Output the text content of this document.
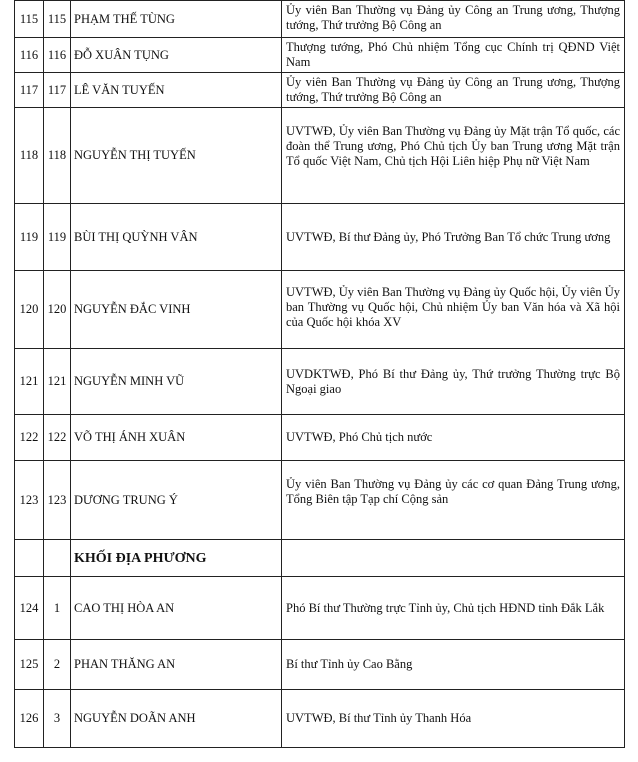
115	115	PHẠM THẾ TÙNG	Ủy viên Ban Thường vụ Đảng ủy Công an Trung ương, Thượng tướng, Thứ trưởng Bộ Công an
116	116	ĐỖ XUÂN TỤNG	Thượng tướng, Phó Chủ nhiệm Tổng cục Chính trị QĐND Việt Nam
117	117	LÊ VĂN TUYẾN	Ủy viên Ban Thường vụ Đảng ủy Công an Trung ương, Thượng tướng, Thứ trưởng Bộ Công an
118	118	NGUYỄN THỊ TUYẾN	UVTWĐ, Ủy viên Ban Thường vụ Đảng ủy Mặt trận Tổ quốc, các đoàn thể Trung ương, Phó Chủ tịch Ủy ban Trung ương Mặt trận Tổ quốc Việt Nam, Chủ tịch Hội Liên hiệp Phụ nữ Việt Nam
119	119	BÙI THỊ QUỲNH VÂN	UVTWĐ, Bí thư Đảng ủy, Phó Trưởng Ban Tổ chức Trung ương
120	120	NGUYỄN ĐẮC VINH	UVTWĐ, Ủy viên Ban Thường vụ Đảng ủy Quốc hội, Ủy viên Ủy ban Thường vụ Quốc hội, Chủ nhiệm Ủy ban Văn hóa và Xã hội của Quốc hội khóa XV
121	121	NGUYỄN MINH VŨ	UVDKTWĐ, Phó Bí thư Đảng ủy, Thứ trưởng Thường trực Bộ Ngoại giao
122	122	VÕ THỊ ÁNH XUÂN	UVTWĐ, Phó Chủ tịch nước
123	123	DƯƠNG TRUNG Ý	Ủy viên Ban Thường vụ Đảng ủy các cơ quan Đảng Trung ương, Tổng Biên tập Tạp chí Cộng sản
		KHỐI ĐỊA PHƯƠNG	
124	1	CAO THỊ HÒA AN	Phó Bí thư Thường trực Tỉnh ủy, Chủ tịch HĐND tỉnh Đắk Lắk
125	2	PHAN THĂNG AN	Bí thư Tỉnh ủy Cao Bằng
126	3	NGUYỄN DOÃN ANH	UVTWĐ, Bí thư Tỉnh ủy Thanh Hóa
